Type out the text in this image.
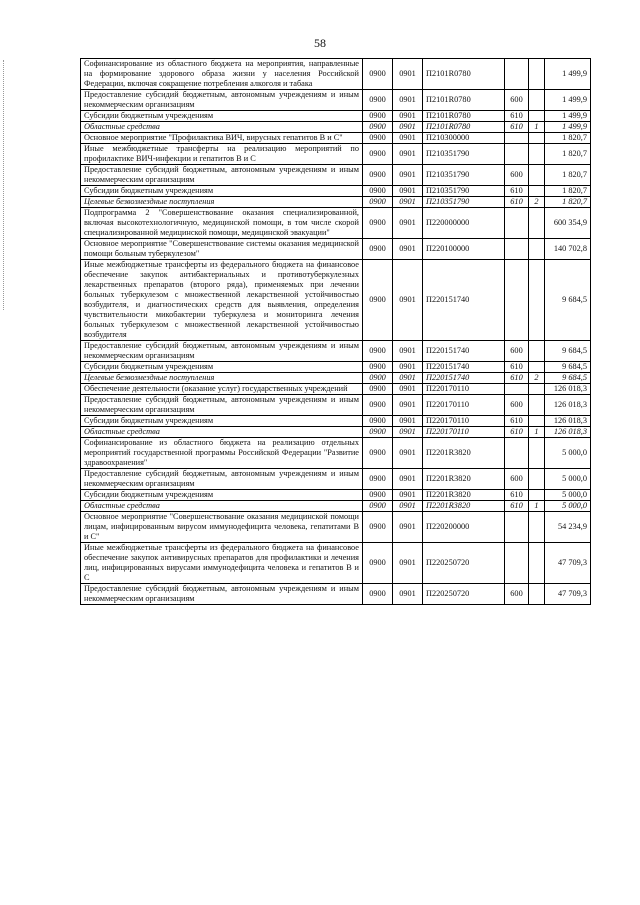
58
Софинансирование из областного бюджета на мероприятия, направленные на формирование здорового образа жизни у населения Российской Федерации, включая сокращение потребления алкоголя и табака	0900	0901	П2101R0780			1 499,9
Предоставление субсидий бюджетным, автономным учреждениям и иным некоммерческим организациям	0900	0901	П2101R0780	600		1 499,9
Субсидии бюджетным учреждениям	0900	0901	П2101R0780	610		1 499,9
Областные средства	0900	0901	П2101R0780	610	1	1 499,9
Основное мероприятие "Профилактика ВИЧ, вирусных гепатитов В и С"	0900	0901	П210300000			1 820,7
Иные межбюджетные трансферты на реализацию мероприятий по профилактике ВИЧ-инфекции и гепатитов В и С	0900	0901	П210351790			1 820,7
Предоставление субсидий бюджетным, автономным учреждениям и иным некоммерческим организациям	0900	0901	П210351790	600		1 820,7
Субсидии бюджетным учреждениям	0900	0901	П210351790	610		1 820,7
Целевые безвозмездные поступления	0900	0901	П210351790	610	2	1 820,7
Подпрограмма 2 "Совершенствование оказания специализированной, включая высокотехнологичную, медицинской помощи, в том числе скорой специализированной медицинской помощи, медицинской эвакуации"	0900	0901	П220000000			600 354,9
Основное мероприятие "Совершенствование системы оказания медицинской помощи больным туберкулезом"	0900	0901	П220100000			140 702,8
Иные межбюджетные трансферты из федерального бюджета на финансовое обеспечение закупок антибактериальных и противотуберкулезных лекарственных препаратов (второго ряда), применяемых при лечении больных туберкулезом с множественной лекарственной устойчивостью возбудителя, и диагностических средств для выявления, определения чувствительности микобактерии туберкулеза и мониторинга лечения больных туберкулезом с множественной лекарственной устойчивостью возбудителя	0900	0901	П220151740			9 684,5
Предоставление субсидий бюджетным, автономным учреждениям и иным некоммерческим организациям	0900	0901	П220151740	600		9 684,5
Субсидии бюджетным учреждениям	0900	0901	П220151740	610		9 684,5
Целевые безвозмездные поступления	0900	0901	П220151740	610	2	9 684,5
Обеспечение деятельности (оказание услуг) государственных учреждений	0900	0901	П220170110			126 018,3
Предоставление субсидий бюджетным, автономным учреждениям и иным некоммерческим организациям	0900	0901	П220170110	600		126 018,3
Субсидии бюджетным учреждениям	0900	0901	П220170110	610		126 018,3
Областные средства	0900	0901	П220170110	610	1	126 018,3
Софинансирование из областного бюджета на реализацию отдельных мероприятий государственной программы Российской Федерации "Развитие здравоохранения"	0900	0901	П2201R3820			5 000,0
Предоставление субсидий бюджетным, автономным учреждениям и иным некоммерческим организациям	0900	0901	П2201R3820	600		5 000,0
Субсидии бюджетным учреждениям	0900	0901	П2201R3820	610		5 000,0
Областные средства	0900	0901	П2201R3820	610	1	5 000,0
Основное мероприятие "Совершенствование оказания медицинской помощи лицам, инфицированным вирусом иммунодефицита человека, гепатитами В и С"	0900	0901	П220200000			54 234,9
Иные межбюджетные трансферты из федерального бюджета на финансовое обеспечение закупок антивирусных препаратов для профилактики и лечения лиц, инфицированных вирусами иммунодефицита человека и гепатитов В и С	0900	0901	П220250720			47 709,3
Предоставление субсидий бюджетным, автономным учреждениям и иным некоммерческим организациям	0900	0901	П220250720	600		47 709,3
